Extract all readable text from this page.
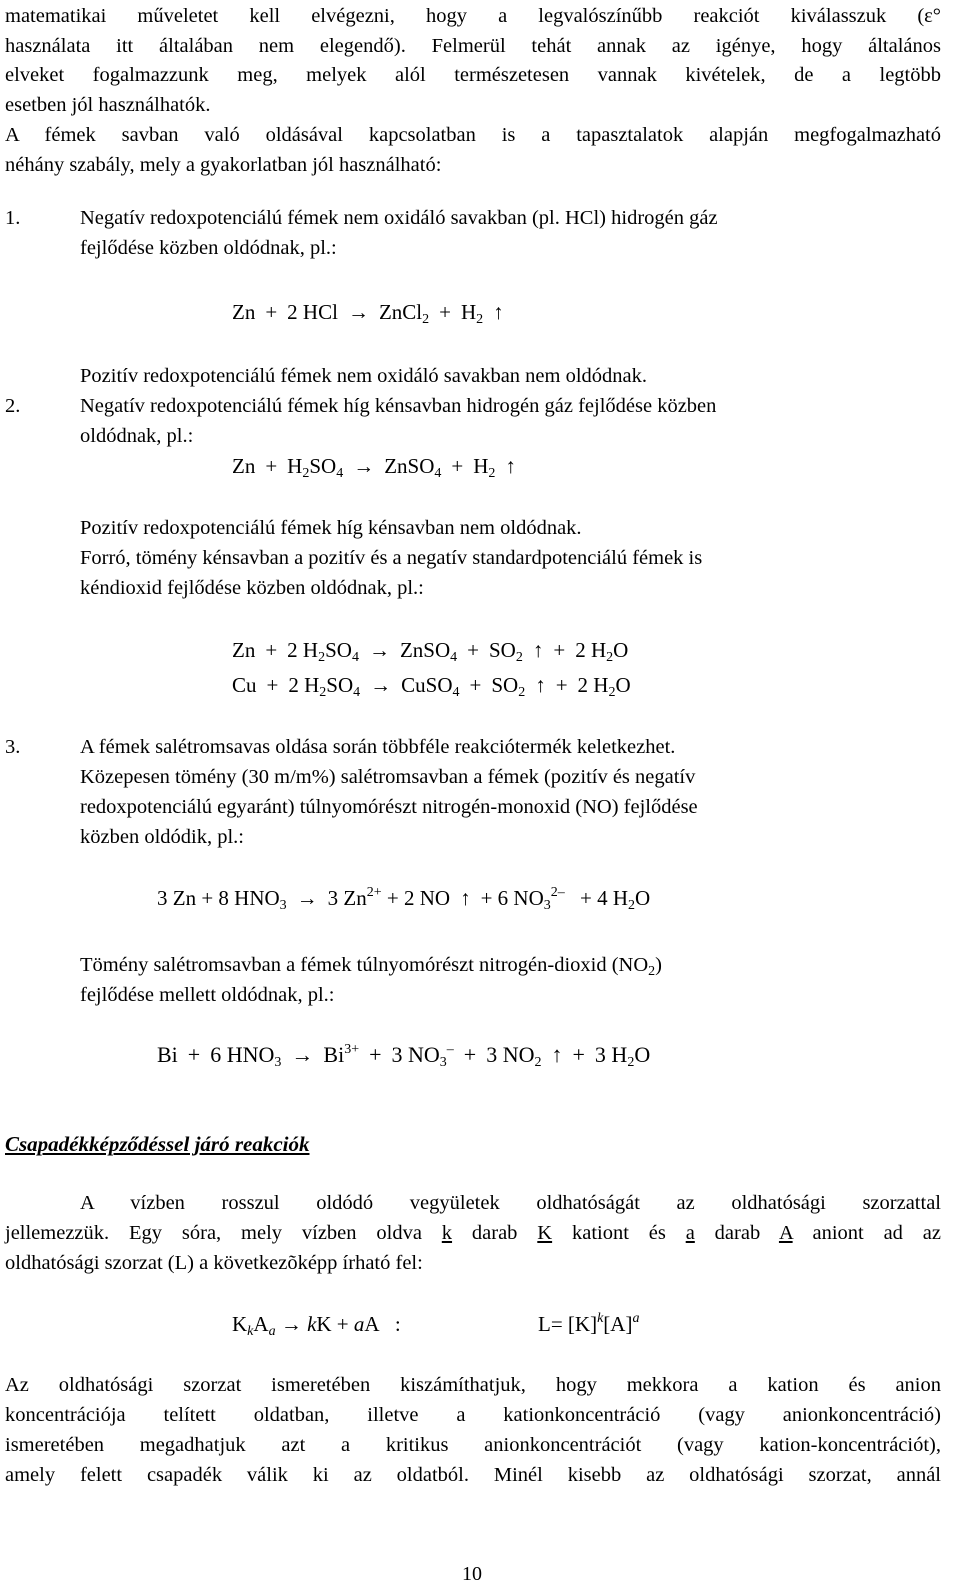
matematikai műveletet kell elvégezni, hogy a legvalószínűbb reakciót kiválasszuk (ε°
használata itt általában nem elegendő). Felmerül tehát annak az igénye, hogy általános
elveket fogalmazzunk meg, melyek alól természetesen vannak kivételek, de a legtöbb
esetben jól használhatók.
A fémek savban való oldásával kapcsolatban is a tapasztalatok alapján megfogalmazható
néhány szabály, mely a gyakorlatban jól használható:
1.	Negatív redoxpotenciálú fémek nem oxidáló savakban (pl. HCl) hidrogén gáz
fejlődése közben oldódnak, pl.:
Zn + 2 HCl → ZnCl$_2$ + $H_2$ ↑
Pozitív redoxpotenciálú fémek nem oxidáló savakban nem oldódnak.
2.	Negatív redoxpotenciálú fémek híg kénsavban hidrogén gáz fejlődése közben
oldódnak, pl.:
$Zn + H_2SO_4$ → ZnSO$_4$ + $H_2$ ↑
Pozitív redoxpotenciálú fémek híg kénsavban nem oldódnak.
Forró, tömény kénsavban a pozitív és a negatív standardpotenciálú fémek is
kéndioxid fejlődése közben oldódnak, pl.:
Zn + 2 $H_2SO_4$ → ZnSO$_4$ + $SO_2$ ↑ + 2 $H_2O$
Cu + 2 $H_2SO_4$ → CuSO$_4$ + $SO_2$ ↑ + 2 $H_2O$
3.	A fémek salétromsavas oldása során többféle reakciótermék keletkezhet.
Közepesen tömény (30 m/m%) salétromsavban a fémek (pozitív és negatív
redoxpotenciálú egyaránt) túlnyomórészt nitrogén-monoxid (NO) fejlődése
közben oldódik, pl.:
3 Zn + 8 $HNO_3 \to 3$ $Zn^{2+} + 2$ NO ↑ + 6 $NO_3^{2-} + 4$ $H_2O$
Tömény salétromsavban a fémek túlnyomórészt nitrogén-dioxid $(NO_2)$
fejlődése mellett oldódnak, pl.:
Bi + 6 $HNO_3 \to Bi^{3+} + 3$ $NO_3^- + 3$ $NO_2$ ↑ + 3 $H_2O$
Csapadékképződéssel járó reakciók
A vízben rosszul oldódó vegyületek oldhatóságát az oldhatósági szorzattal
jellemezzük. Egy sóra, mely vízben oldva k darab K kationt és a darab A aniont ad az
oldhatósági szorzat (L) a következõképp írható fel:
$K_kA_a$ → kK + aA :	$L= [K]^k[A]^a$
Az oldhatósági szorzat ismeretében kiszámíthatjuk, hogy mekkora a kation és anion
koncentrációja telített oldatban, illetve a kationkoncentráció (vagy anionkoncentráció)
ismeretében megadhatjuk azt a kritikus anionkoncentrációt (vagy kation-koncentrációt),
amely felett csapadék válik ki az oldatból. Minél kisebb az oldhatósági szorzat, annál
10
